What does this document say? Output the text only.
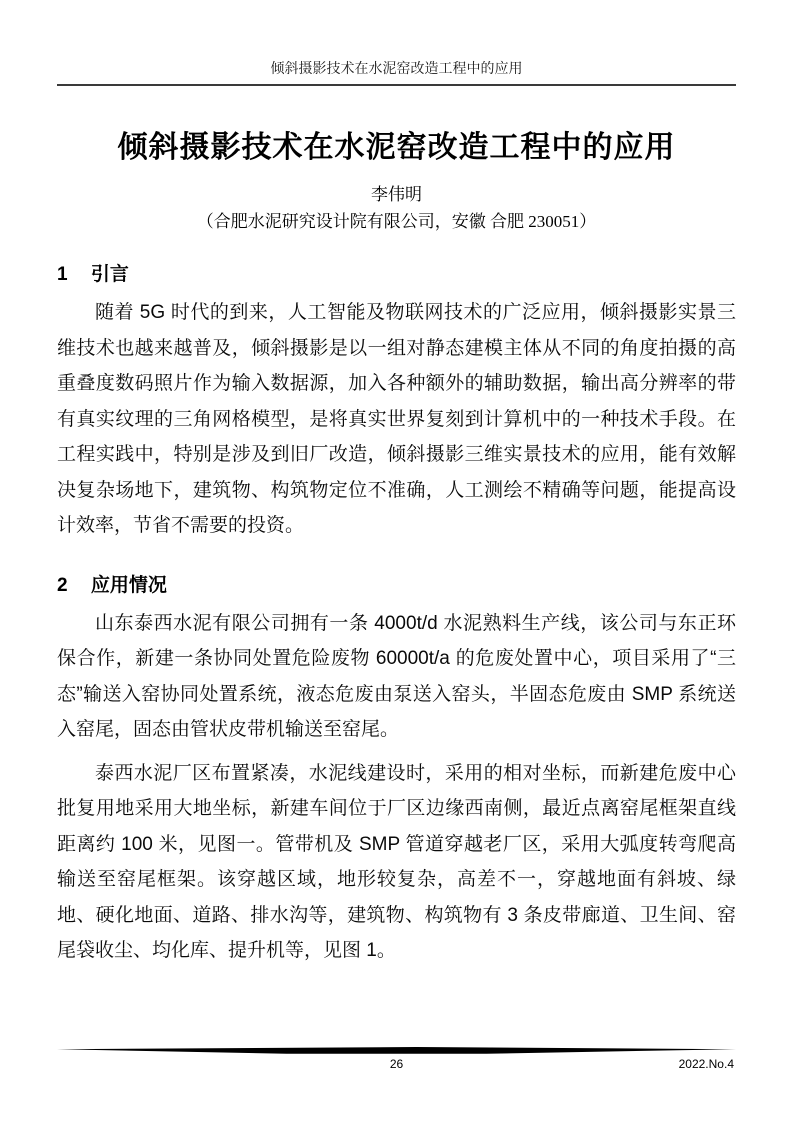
倾斜摄影技术在水泥窑改造工程中的应用
倾斜摄影技术在水泥窑改造工程中的应用
李伟明
（合肥水泥研究设计院有限公司，安徽 合肥 230051）
1 引言

随着 5G 时代的到来，人工智能及物联网技术的广泛应用，倾斜摄影实景三维技术也越来越普及，倾斜摄影是以一组对静态建模主体从不同的角度拍摄的高重叠度数码照片作为输入数据源，加入各种额外的辅助数据，输出高分辨率的带有真实纹理的三角网格模型，是将真实世界复刻到计算机中的一种技术手段。在工程实践中，特别是涉及到旧厂改造，倾斜摄影三维实景技术的应用，能有效解决复杂场地下，建筑物、构筑物定位不准确，人工测绘不精确等问题，能提高设计效率，节省不需要的投资。

2 应用情况

山东泰西水泥有限公司拥有一条 4000t/d 水泥熟料生产线，该公司与东正环保合作，新建一条协同处置危险废物 60000t/a 的危废处置中心，项目采用了“三态”输送入窑协同处置系统，液态危废由泵送入窑头，半固态危废由 SMP 系统送入窑尾，固态由管状皮带机输送至窑尾。

泰西水泥厂区布置紧凑，水泥线建设时，采用的相对坐标，而新建危废中心批复用地采用大地坐标，新建车间位于厂区边缘西南侧，最近点离窑尾框架直线距离约 100 米，见图一。管带机及 SMP 管道穿越老厂区，采用大弧度转弯爬高输送至窑尾框架。该穿越区域，地形较复杂，高差不一，穿越地面有斜坡、绿地、硬化地面、道路、排水沟等，建筑物、构筑物有 3 条皮带廊道、卫生间、窑尾袋收尘、均化库、提升机等，见图 1。

26	2022.No.4
